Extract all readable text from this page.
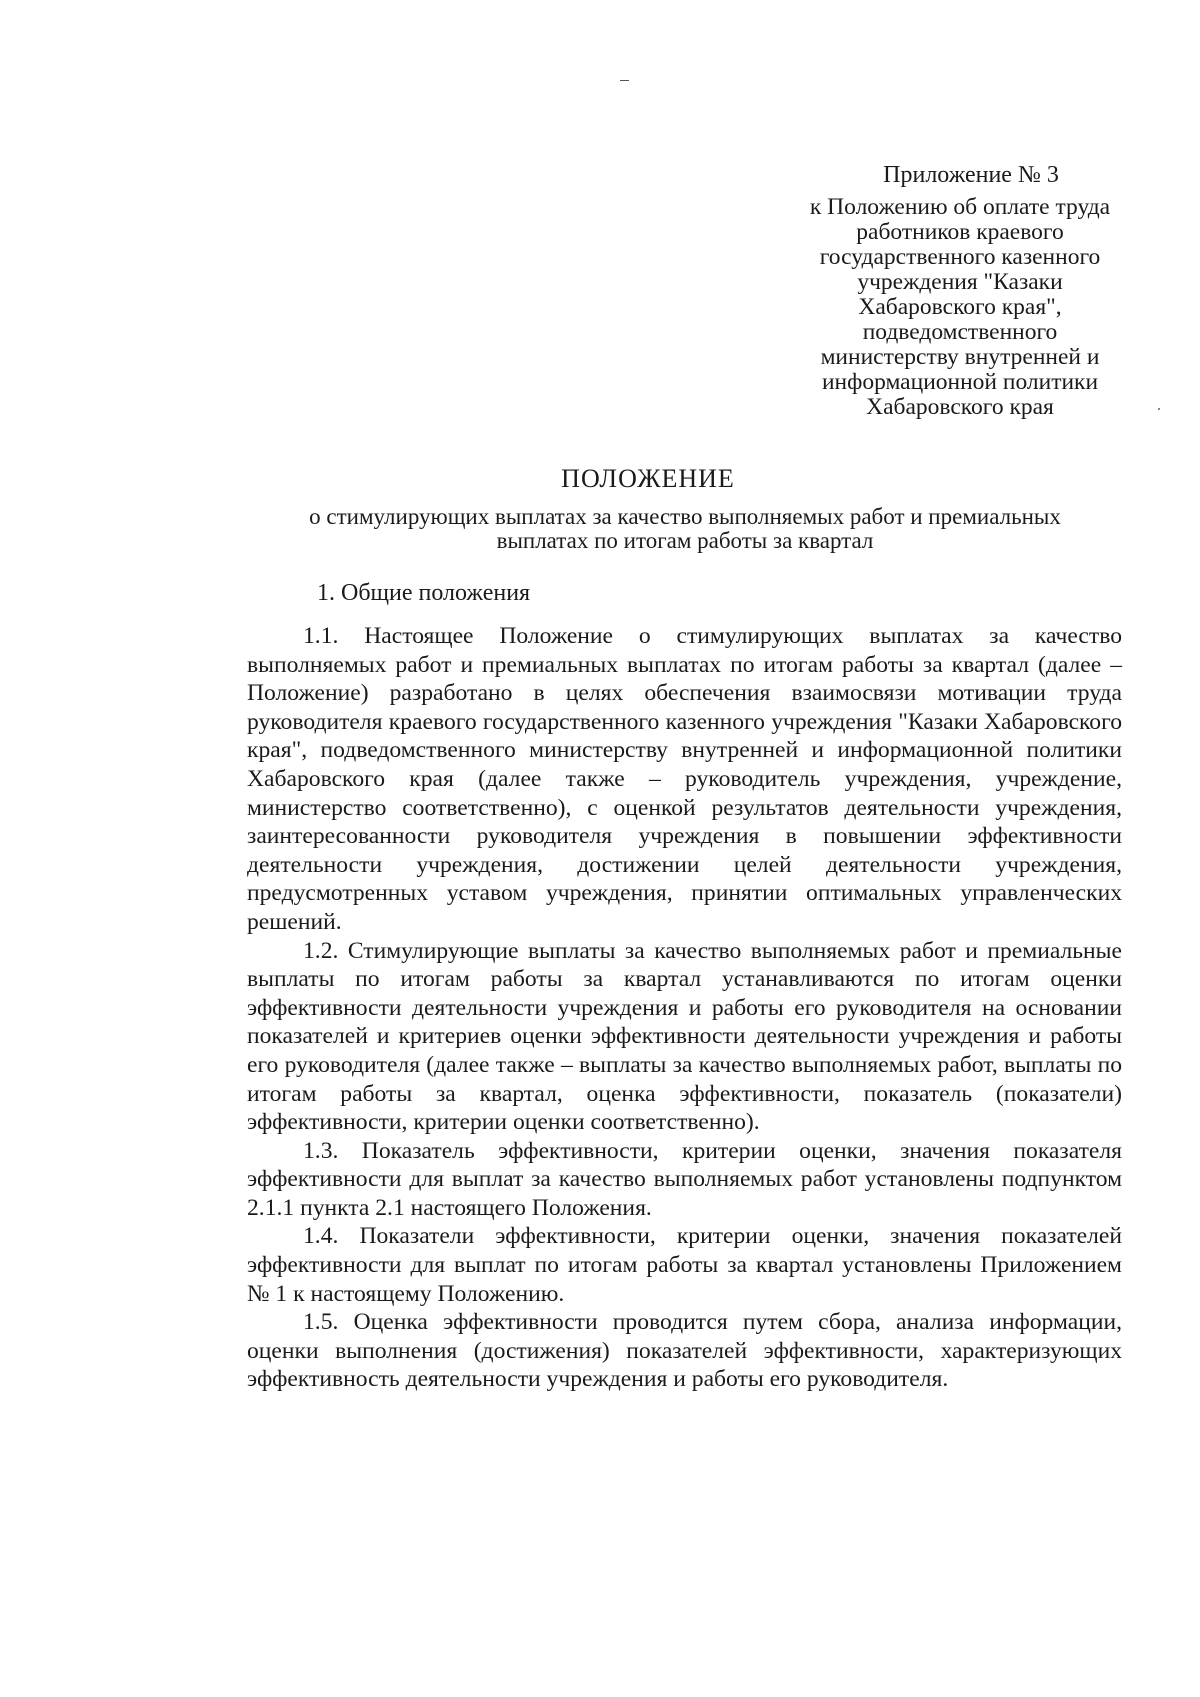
Приложение № 3
к Положению об оплате труда
работников краевого
государственного казенного
учреждения "Казаки
Хабаровского края",
подведомственного
министерству внутренней и
информационной политики
Хабаровского края
ПОЛОЖЕНИЕ
о стимулирующих выплатах за качество выполняемых работ и премиальных
выплатах по итогам работы за квартал
1. Общие положения

1.1. Настоящее Положение о стимулирующих выплатах за качество выполняемых работ и премиальных выплатах по итогам работы за квартал (далее – Положение) разработано в целях обеспечения взаимосвязи мотивации труда руководителя краевого государственного казенного учреждения "Казаки Хабаровского края", подведомственного министерству внутренней и информационной политики Хабаровского края (далее также – руководитель учреждения, учреждение, министерство соответственно), с оценкой результатов деятельности учреждения, заинтересованности руководителя учреждения в повышении эффективности деятельности учреждения, достижении целей деятельности учреждения, предусмотренных уставом учреждения, принятии оптимальных управленческих решений.

1.2. Стимулирующие выплаты за качество выполняемых работ и премиальные выплаты по итогам работы за квартал устанавливаются по итогам оценки эффективности деятельности учреждения и работы его руководителя на основании показателей и критериев оценки эффективности деятельности учреждения и работы его руководителя (далее также – выплаты за качество выполняемых работ, выплаты по итогам работы за квартал, оценка эффективности, показатель (показатели) эффективности, критерии оценки соответственно).

1.3. Показатель эффективности, критерии оценки, значения показателя эффективности для выплат за качество выполняемых работ установлены подпунктом 2.1.1 пункта 2.1 настоящего Положения.

1.4. Показатели эффективности, критерии оценки, значения показателей эффективности для выплат по итогам работы за квартал установлены Приложением № 1 к настоящему Положению.

1.5. Оценка эффективности проводится путем сбора, анализа информации, оценки выполнения (достижения) показателей эффективности, характеризующих эффективность деятельности учреждения и работы его руководителя.
